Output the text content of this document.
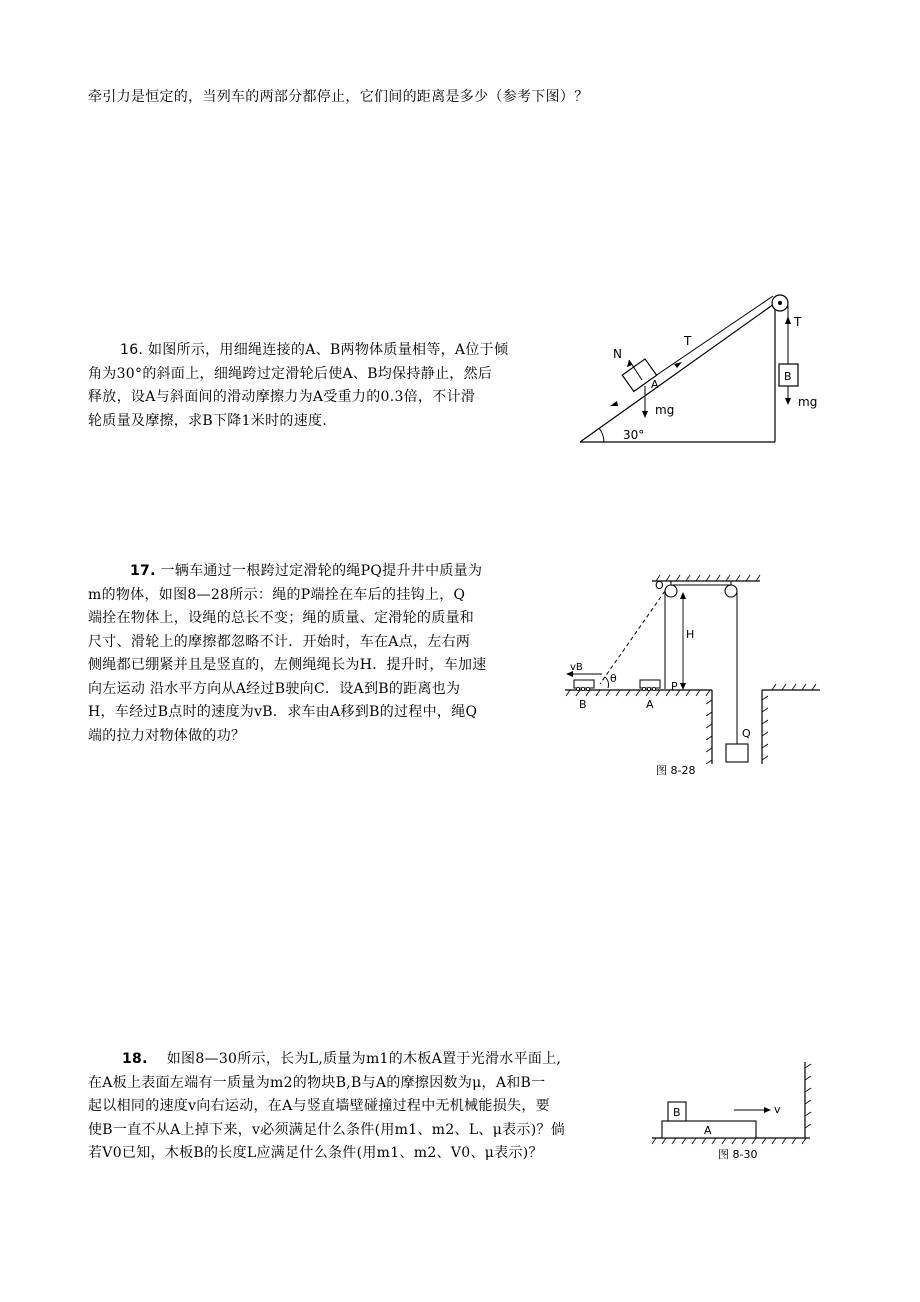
牵引力是恒定的，当列车的两部分都停止，它们间的距离是多少（参考下图）？
16. 如图所示，用细绳连接的A、B两物体质量相等，A位于倾
角为30°的斜面上，细绳跨过定滑轮后使A、B均保持静止，然后
释放，设A与斜面间的滑动摩擦力为A受重力的0.3倍，不计滑
轮质量及摩擦，求B下降1米时的速度.
A
N
T
mg
30°
T
B
mg
17. 一辆车通过一根跨过定滑轮的绳PQ提升井中质量为
m的物体，如图8—28所示：绳的P端拴在车后的挂钩上，Q
端拴在物体上，设绳的总长不变；绳的质量、定滑轮的质量和
尺寸、滑轮上的摩擦都忽略不计．开始时，车在A点，左右两
侧绳都已绷紧并且是竖直的，左侧绳绳长为H．提升时，车加速
向左运动 沿水平方向从A经过B驶向C．设A到B的距离也为
H，车经过B点时的速度为vB．求车由A移到B的过程中，绳Q
端的拉力对物体做的功？
O
H
Q
B
vB
θ
A
P
图 8-28
18. 如图8—30所示，长为L,质量为m1的木板A置于光滑水平面上,
在A板上表面左端有一质量为m2的物块B,B与A的摩擦因数为μ，A和B一
起以相同的速度v向右运动，在A与竖直墙壁碰撞过程中无机械能损失，要
使B一直不从A上掉下来，v必须满足什么条件(用m1、m2、L、μ表示)？倘
若V0已知，木板B的长度L应满足什么条件(用m1、m2、V0、μ表示)？
A
B	v
图 8-30
